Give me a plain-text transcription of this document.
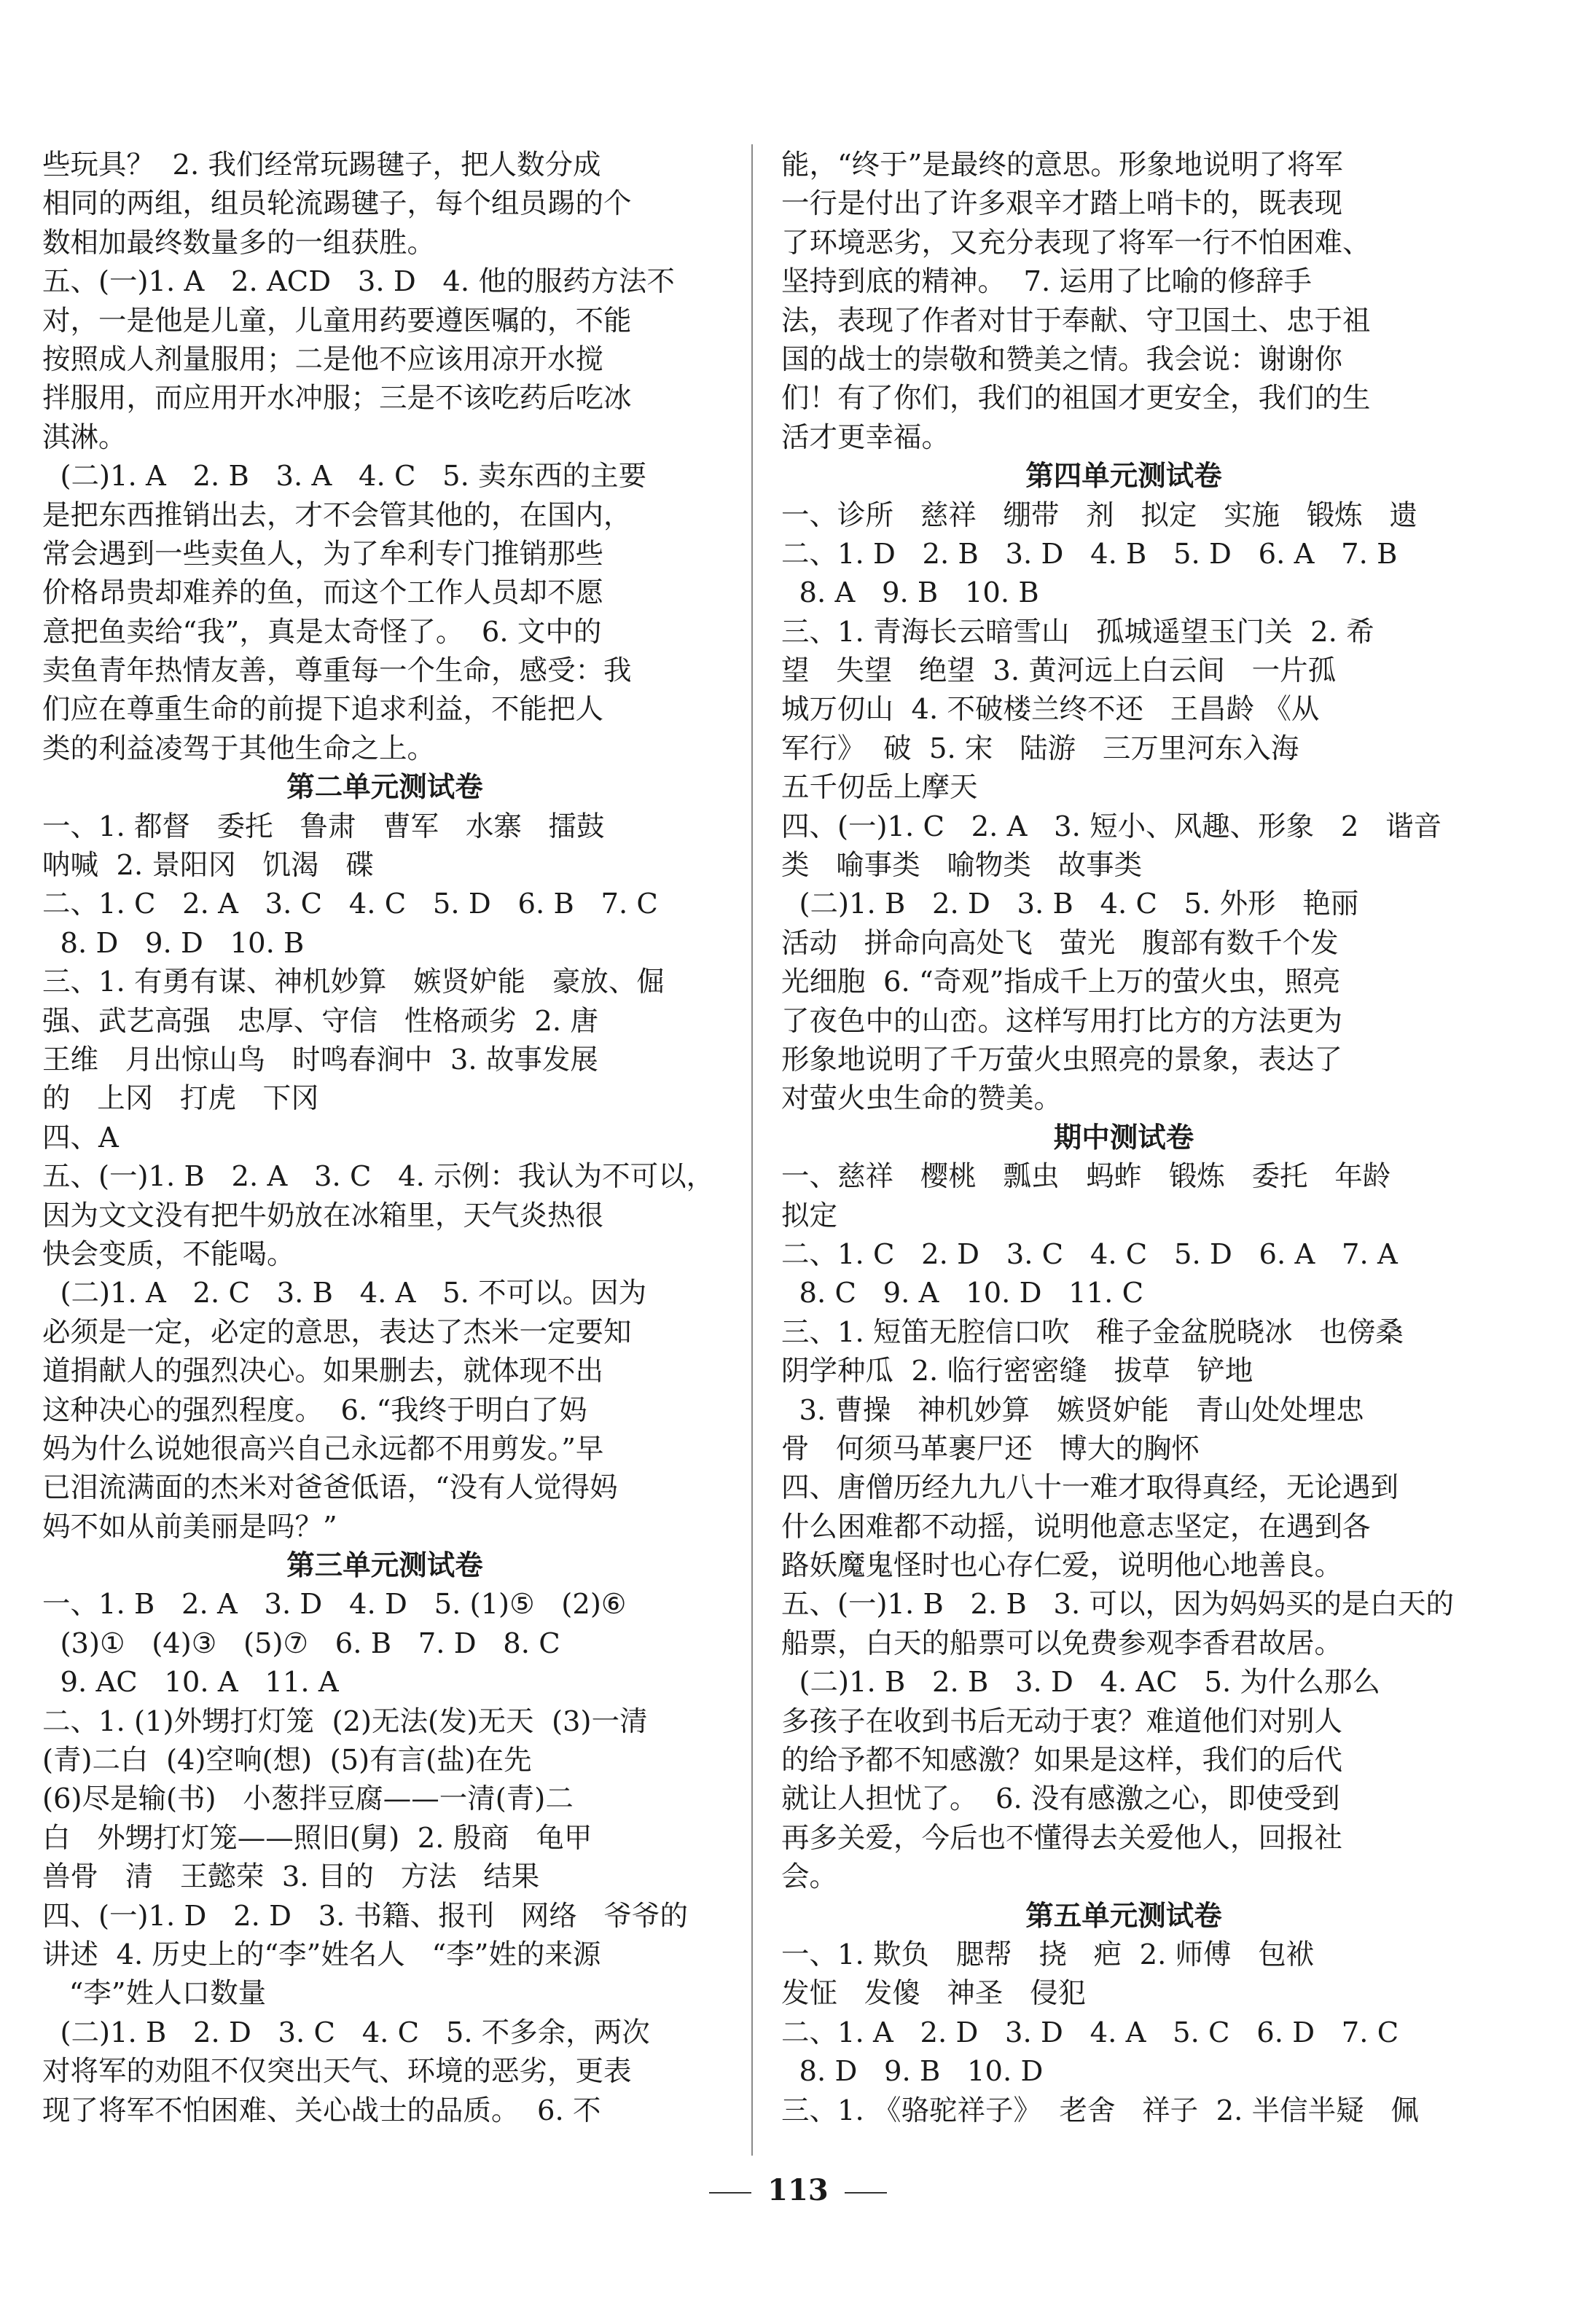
些玩具？  2. 我们经常玩踢毽子，把人数分成
相同的两组，组员轮流踢毽子，每个组员踢的个
数相加最终数量多的一组获胜。
五、(一)1. A   2. ACD   3. D   4. 他的服药方法不
对，一是他是儿童，儿童用药要遵医嘱的，不能
按照成人剂量服用；二是他不应该用凉开水搅
拌服用，而应用开水冲服；三是不该吃药后吃冰
淇淋。
(二)1. A   2. B   3. A   4. C   5. 卖东西的主要
是把东西推销出去，才不会管其他的，在国内，
常会遇到一些卖鱼人，为了牟利专门推销那些
价格昂贵却难养的鱼，而这个工作人员却不愿
意把鱼卖给“我”，真是太奇怪了。  6. 文中的
卖鱼青年热情友善，尊重每一个生命，感受：我
们应在尊重生命的前提下追求利益，不能把人
类的利益凌驾于其他生命之上。
第二单元测试卷
一、1. 都督   委托   鲁肃   曹军   水寨   擂鼓
呐喊  2. 景阳冈   饥渴   碟
二、1. C   2. A   3. C   4. C   5. D   6. B   7. C
8. D   9. D   10. B
三、1. 有勇有谋、神机妙算   嫉贤妒能   豪放、倔
强、武艺高强   忠厚、守信   性格顽劣  2. 唐
王维   月出惊山鸟   时鸣春涧中  3. 故事发展
的   上冈   打虎   下冈
四、A
五、(一)1. B   2. A   3. C   4. 示例：我认为不可以，
因为文文没有把牛奶放在冰箱里，天气炎热很
快会变质，不能喝。
(二)1. A   2. C   3. B   4. A   5. 不可以。因为
必须是一定，必定的意思，表达了杰米一定要知
道捐献人的强烈决心。如果删去，就体现不出
这种决心的强烈程度。  6. “我终于明白了妈
妈为什么说她很高兴自己永远都不用剪发。”早
已泪流满面的杰米对爸爸低语，“没有人觉得妈
妈不如从前美丽是吗？”
第三单元测试卷
一、1. B   2. A   3. D   4. D   5. (1)⑤   (2)⑥
(3)①   (4)③   (5)⑦   6. B   7. D   8. C
9. AC   10. A   11. A
二、1. (1)外甥打灯笼  (2)无法(发)无天  (3)一清
(青)二白  (4)空响(想)  (5)有言(盐)在先
(6)尽是输(书)   小葱拌豆腐——一清(青)二
白   外甥打灯笼——照旧(舅)  2. 殷商   龟甲
兽骨   清   王懿荣  3. 目的   方法   结果
四、(一)1. D   2. D   3. 书籍、报刊   网络   爷爷的
讲述  4. 历史上的“李”姓名人   “李”姓的来源
“李”姓人口数量
(二)1. B   2. D   3. C   4. C   5. 不多余，两次
对将军的劝阻不仅突出天气、环境的恶劣，更表
现了将军不怕困难、关心战士的品质。  6. 不
能，“终于”是最终的意思。形象地说明了将军
一行是付出了许多艰辛才踏上哨卡的，既表现
了环境恶劣，又充分表现了将军一行不怕困难、
坚持到底的精神。  7. 运用了比喻的修辞手
法，表现了作者对甘于奉献、守卫国土、忠于祖
国的战士的崇敬和赞美之情。我会说：谢谢你
们！有了你们，我们的祖国才更安全，我们的生
活才更幸福。
第四单元测试卷
一、诊所   慈祥   绷带   剂   拟定   实施   锻炼   遗
二、1. D   2. B   3. D   4. B   5. D   6. A   7. B
8. A   9. B   10. B
三、1. 青海长云暗雪山   孤城遥望玉门关  2. 希
望   失望   绝望  3. 黄河远上白云间   一片孤
城万仞山  4. 不破楼兰终不还   王昌龄 《从
军行》  破  5. 宋   陆游   三万里河东入海
五千仞岳上摩天
四、(一)1. C   2. A   3. 短小、风趣、形象   2   谐音
类   喻事类   喻物类   故事类
(二)1. B   2. D   3. B   4. C   5. 外形   艳丽
活动   拼命向高处飞   萤光   腹部有数千个发
光细胞  6. “奇观”指成千上万的萤火虫，照亮
了夜色中的山峦。这样写用打比方的方法更为
形象地说明了千万萤火虫照亮的景象，表达了
对萤火虫生命的赞美。
期中测试卷
一、慈祥   樱桃   瓢虫   蚂蚱   锻炼   委托   年龄
拟定
二、1. C   2. D   3. C   4. C   5. D   6. A   7. A
8. C   9. A   10. D   11. C
三、1. 短笛无腔信口吹   稚子金盆脱晓冰   也傍桑
阴学种瓜  2. 临行密密缝   拔草   铲地
3. 曹操   神机妙算   嫉贤妒能   青山处处埋忠
骨   何须马革裹尸还   博大的胸怀
四、唐僧历经九九八十一难才取得真经，无论遇到
什么困难都不动摇，说明他意志坚定，在遇到各
路妖魔鬼怪时也心存仁爱，说明他心地善良。
五、(一)1. B   2. B   3. 可以，因为妈妈买的是白天的
船票，白天的船票可以免费参观李香君故居。
(二)1. B   2. B   3. D   4. AC   5. 为什么那么
多孩子在收到书后无动于衷？难道他们对别人
的给予都不知感激？如果是这样，我们的后代
就让人担忧了。  6. 没有感激之心，即使受到
再多关爱，今后也不懂得去关爱他人，回报社
会。
第五单元测试卷
一、1. 欺负   腮帮   挠   疤  2. 师傅   包袱
发怔   发傻   神圣   侵犯
二、1. A   2. D   3. D   4. A   5. C   6. D   7. C
8. D   9. B   10. D
三、1. 《骆驼祥子》  老舍   祥子  2. 半信半疑   佩
113
